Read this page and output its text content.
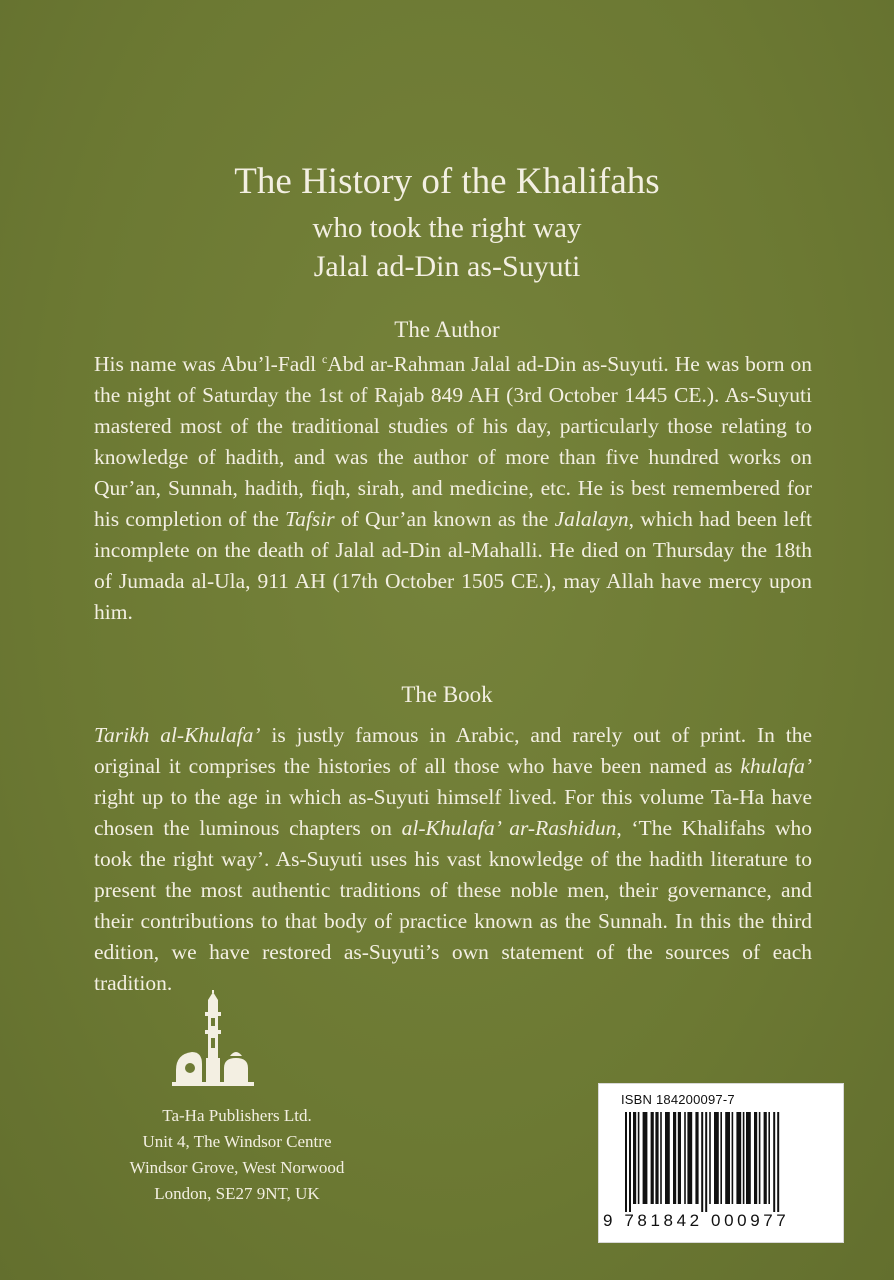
The History of the Khalifahs
who took the right way
Jalal ad-Din as-Suyuti
The Author
His name was Abu’l-Fadl $^c$Abd ar-Rahman Jalal ad-Din as-Suyuti. He was born on the night of Saturday the 1st of Rajab 849 AH (3rd October 1445 CE.). As-Suyuti mastered most of the traditional studies of his day, particularly those relating to knowledge of hadith, and was the author of more than five hundred works on Qur’an, Sunnah, hadith, fiqh, sirah, and medicine, etc. He is best remembered for his completion of the Tafsir of Qur’an known as the Jalalayn, which had been left incomplete on the death of Jalal ad-Din al-Mahalli. He died on Thursday the 18th of Jumada al-Ula, 911 AH (17th October 1505 CE.), may Allah have mercy upon him.
The Book
Tarikh al-Khulafa’ is justly famous in Arabic, and rarely out of print. In the original it comprises the histories of all those who have been named as khulafa’ right up to the age in which as-Suyuti himself lived. For this volume Ta-Ha have chosen the luminous chapters on al-Khulafa’ ar-Rashidun, ‘The Khalifahs who took the right way’. As-Suyuti uses his vast knowledge of the hadith literature to present the most authentic traditions of these noble men, their governance, and their contributions to that body of practice known as the Sunnah. In this the third edition, we have restored as-Suyuti’s own statement of the sources of each tradition.
Ta-Ha Publishers Ltd.
Unit 4, The Windsor Centre
Windsor Grove, West Norwood
London, SE27 9NT, UK
ISBN 184200097-7
9 781842 000977
